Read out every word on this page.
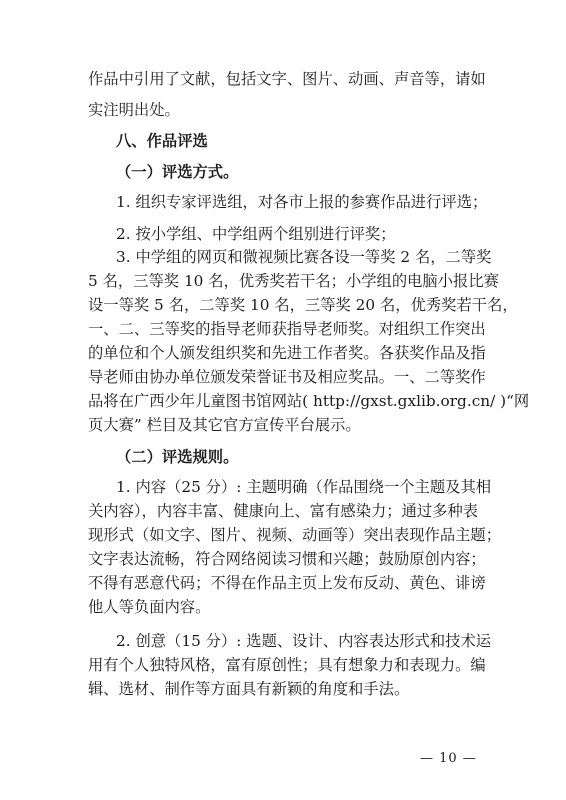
作品中引用了文献，包括文字、图片、动画、声音等，请如
实注明出处。
八、作品评选
（一）评选方式。
1. 组织专家评选组，对各市上报的参赛作品进行评选；
2. 按小学组、中学组两个组别进行评奖；
3. 中学组的网页和微视频比赛各设一等奖 2 名，二等奖
5 名，三等奖 10 名，优秀奖若干名；小学组的电脑小报比赛
设一等奖 5 名，二等奖 10 名，三等奖 20 名，优秀奖若干名，
一、二、三等奖的指导老师获指导老师奖。对组织工作突出
的单位和个人颁发组织奖和先进工作者奖。各获奖作品及指
导老师由协办单位颁发荣誉证书及相应奖品。一、二等奖作
品将在广西少年儿童图书馆网站( http://gxst.gxlib.org.cn/ )“网
页大赛” 栏目及其它官方宣传平台展示。
（二）评选规则。
1. 内容（25 分）: 主题明确（作品围绕一个主题及其相
关内容），内容丰富、健康向上、富有感染力；通过多种表
现形式（如文字、图片、视频、动画等）突出表现作品主题；
文字表达流畅，符合网络阅读习惯和兴趣；鼓励原创内容；
不得有恶意代码；不得在作品主页上发布反动、黄色、诽谤
他人等负面内容。
2. 创意（15 分）: 选题、设计、内容表达形式和技术运
— 10 —
用有个人独特风格，富有原创性；具有想象力和表现力。编
辑、选材、制作等方面具有新颖的角度和手法。
